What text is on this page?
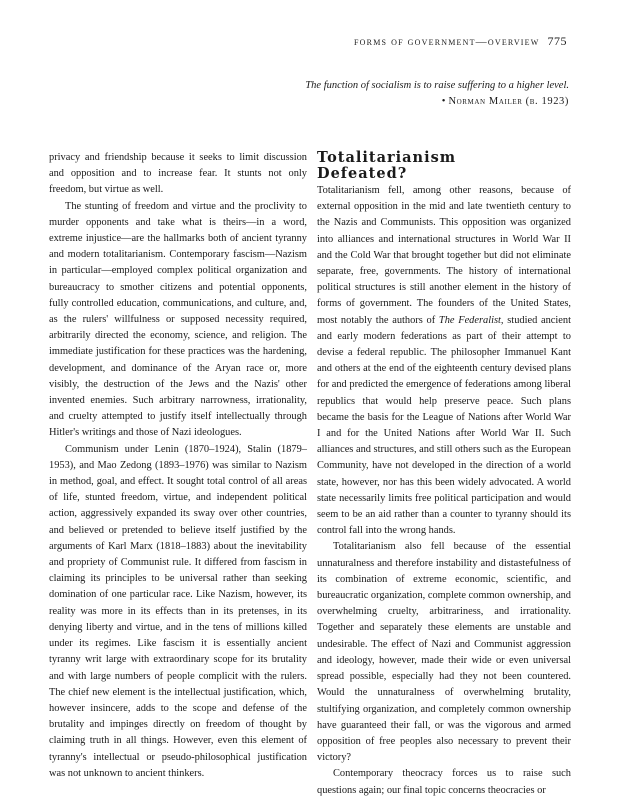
forms of government—overview 775
The function of socialism is to raise suffering to a higher level. • Norman Mailer (b. 1923)

privacy and friendship because it seeks to limit discussion and opposition and to increase fear. It stunts not only freedom, but virtue as well.

The stunting of freedom and virtue and the proclivity to murder opponents and take what is theirs—in a word, extreme injustice—are the hallmarks both of ancient tyranny and modern totalitarianism. Contemporary fascism—Nazism in particular—employed complex political organization and bureaucracy to smother citizens and potential opponents, fully controlled education, communications, and culture, and, as the rulers' willfulness or supposed necessity required, arbitrarily directed the economy, science, and religion. The immediate justification for these practices was the hardening, development, and dominance of the Aryan race or, more visibly, the destruction of the Jews and the Nazis' other invented enemies. Such arbitrary narrowness, irrationality, and cruelty attempted to justify itself intellectually through Hitler's writings and those of Nazi ideologues.

Communism under Lenin (1870–1924), Stalin (1879–1953), and Mao Zedong (1893–1976) was similar to Nazism in method, goal, and effect. It sought total control of all areas of life, stunted freedom, virtue, and independent political action, aggressively expanded its sway over other countries, and believed or pretended to believe itself justified by the arguments of Karl Marx (1818–1883) about the inevitability and propriety of Communist rule. It differed from fascism in claiming its principles to be universal rather than seeking domination of one particular race. Like Nazism, however, its reality was more in its effects than in its pretenses, in its denying liberty and virtue, and in the tens of millions killed under its regimes. Like fascism it is essentially ancient tyranny writ large with extraordinary scope for its brutality and with large numbers of people complicit with the rulers. The chief new element is the intellectual justification, which, however insincere, adds to the scope and defense of the brutality and impinges directly on freedom of thought by claiming truth in all things. However, even this element of tyranny's intellectual or pseudo-philosophical justification was not unknown to ancient thinkers.

Totalitarianism
Defeated?

Totalitarianism fell, among other reasons, because of external opposition in the mid and late twentieth century to the Nazis and Communists. This opposition was organized into alliances and international structures in World War II and the Cold War that brought together but did not eliminate separate, free, governments. The history of international political structures is still another element in the history of forms of government. The founders of the United States, most notably the authors of The Federalist, studied ancient and early modern federations as part of their attempt to devise a federal republic. The philosopher Immanuel Kant and others at the end of the eighteenth century devised plans for and predicted the emergence of federations among liberal republics that would help preserve peace. Such plans became the basis for the League of Nations after World War I and for the United Nations after World War II. Such alliances and structures, and still others such as the European Community, have not developed in the direction of a world state, however, nor has this been widely advocated. A world state necessarily limits free political participation and would seem to be an aid rather than a counter to tyranny should its control fall into the wrong hands.

Totalitarianism also fell because of the essential unnaturalness and therefore instability and distastefulness of its combination of extreme economic, scientific, and bureaucratic organization, complete common ownership, and overwhelming cruelty, arbitrariness, and irrationality. Together and separately these elements are unstable and undesirable. The effect of Nazi and Communist aggression and ideology, however, made their wide or even universal spread possible, especially had they not been countered. Would the unnaturalness of overwhelming brutality, stultifying organization, and completely common ownership have guaranteed their fall, or was the vigorous and armed opposition of free peoples also necessary to prevent their victory?

Contemporary theocracy forces us to raise such questions again; our final topic concerns theocracies or
